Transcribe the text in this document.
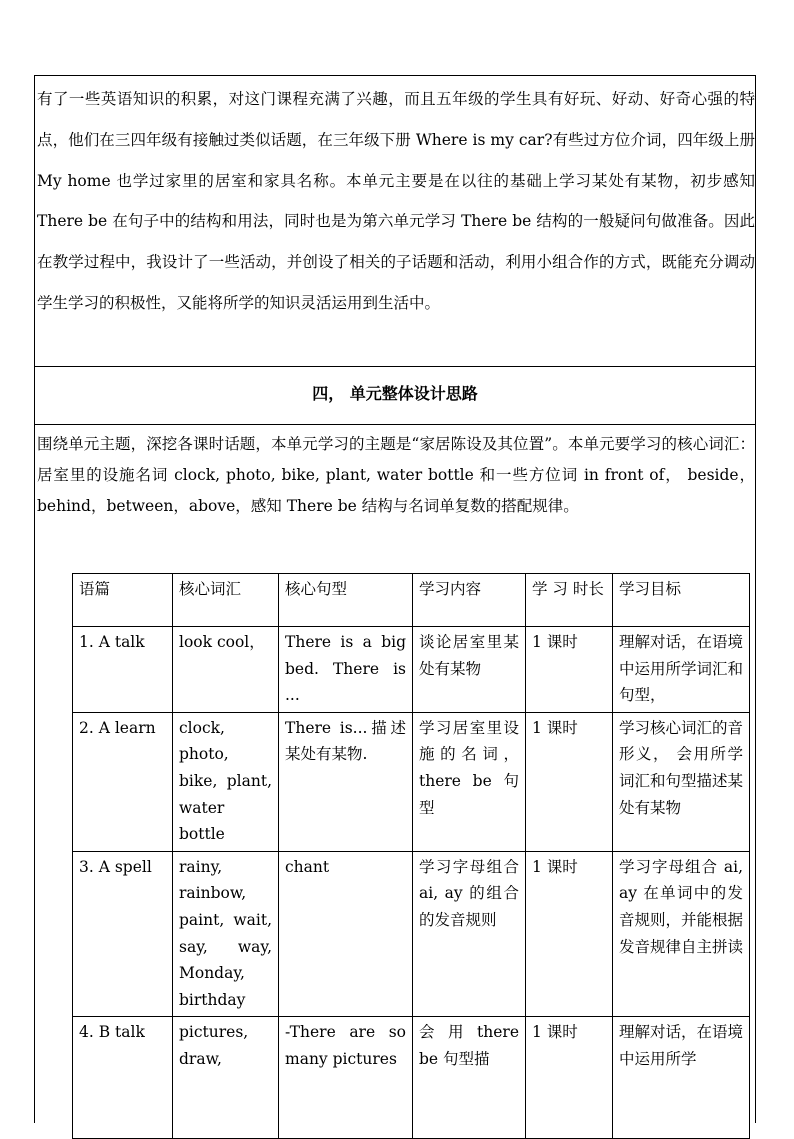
有了一些英语知识的积累，对这门课程充满了兴趣，而且五年级的学生具有好玩、好动、好奇心强的特点，他们在三四年级有接触过类似话题，在三年级下册 Where is my car?有些过方位介词，四年级上册 My home 也学过家里的居室和家具名称。本单元主要是在以往的基础上学习某处有某物，初步感知 There be 在句子中的结构和用法，同时也是为第六单元学习 There be 结构的一般疑问句做准备。因此在教学过程中，我设计了一些活动，并创设了相关的子话题和活动，利用小组合作的方式，既能充分调动学生学习的积极性，又能将所学的知识灵活运用到生活中。

四， 单元整体设计思路

围绕单元主题，深挖各课时话题，本单元学习的主题是“家居陈设及其位置”。本单元要学习的核心词汇：居室里的设施名词 clock, photo, bike, plant, water bottle 和一些方位词 in front of， beside，behind，between，above，感知 There be 结构与名词单复数的搭配规律。

语篇	核心词汇	核心句型	学习内容	学 习 时长	学习目标
1. A talk	look cool，	There is a big bed. There is ...	谈论居室里某处有某物	1 课时	理解对话，在语境中运用所学词汇和句型，
2. A learn	clock, photo, bike, plant, water bottle	There is...描述某处有某物.	学习居室里设施的名词，there be 句型	1 课时	学习核心词汇的音形义， 会用所学词汇和句型描述某处有某物
3. A spell	rainy, rainbow, paint, wait, say, way, Monday, birthday	chant	学习字母组合 ai, ay 的组合的发音规则	1 课时	学习字母组合 ai, ay 在单词中的发音规则，并能根据发音规律自主拼读
4. B talk	pictures, draw,	-There are so many pictures	会 用 there be 句型描	1 课时	理解对话，在语境中运用所学
